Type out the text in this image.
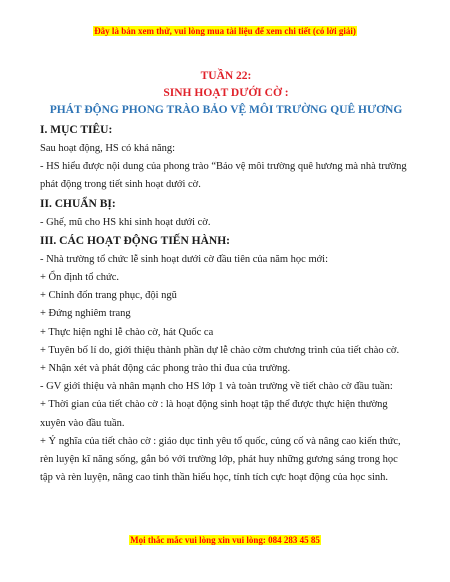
Đây là bản xem thử, vui lòng mua tài liệu để xem chi tiết (có lời giải)
TUẦN 22:
SINH HOẠT DƯỚI CỜ :
PHÁT ĐỘNG PHONG TRÀO BẢO VỆ MÔI TRƯỜNG QUÊ HƯƠNG

I. MỤC TIÊU:

Sau hoạt động, HS có khả năng:

- HS hiểu được nội dung của phong trào “Bảo vệ môi trường quê hương mà nhà trường phát động trong tiết sinh hoạt dưới cờ.

II. CHUẨN BỊ:

- Ghế, mũ cho HS khi sinh hoạt dưới cờ.

III. CÁC HOẠT ĐỘNG TIẾN HÀNH:

- Nhà trường tổ chức lễ sinh hoạt dưới cờ đầu tiên của năm học mới:

+ Ổn định tổ chức.

+ Chỉnh đốn trang phục, đội ngũ

+ Đứng nghiêm trang

+ Thực hiện nghi lễ chào cờ, hát Quốc ca

+ Tuyên bố lí do, giới thiệu thành phần dự lễ chào cờm chương trình của tiết chào cờ.

+ Nhận xét và phát động các phong trào thi đua của trường.

- GV giới thiệu và nhân mạnh cho HS lớp 1 và toàn trường về tiết chào cờ đầu tuần:

+ Thời gian của tiết chào cờ : là hoạt động sinh hoạt tập thể được thực hiện thường xuyên vào đầu tuần.

+ Ý nghĩa của tiết chào cờ : giáo dục tình yêu tổ quốc, củng cố và nâng cao kiến thức, rèn luyện kĩ năng sống, gắn bó với trường lớp, phát huy những gương sáng trong học tập và rèn luyện, nâng cao tinh thần hiếu học, tính tích cực hoạt động của học sinh.

Mọi thắc mắc vui lòng xin vui lòng: 084 283 45 85
